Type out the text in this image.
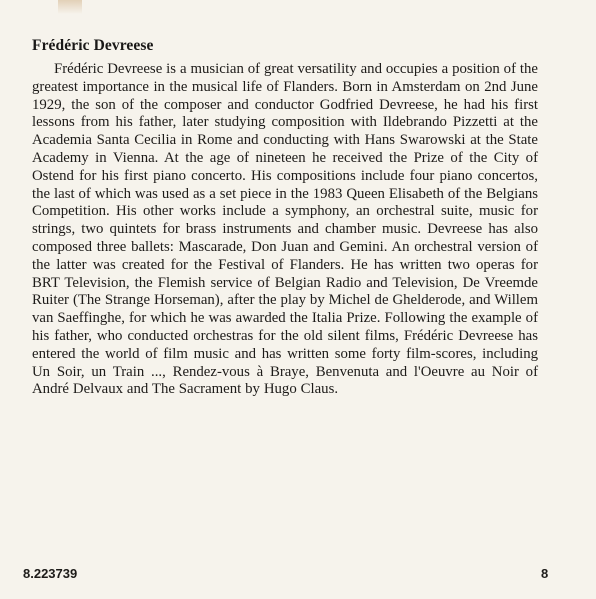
Frédéric Devreese

Frédéric Devreese is a musician of great versatility and occupies a position of the greatest importance in the musical life of Flanders. Born in Amsterdam on 2nd June 1929, the son of the composer and conductor Godfried Devreese, he had his first lessons from his father, later studying composition with Ildebrando Pizzetti at the Academia Santa Cecilia in Rome and conducting with Hans Swarowski at the State Academy in Vienna. At the age of nineteen he received the Prize of the City of Ostend for his first piano concerto. His compositions include four piano concertos, the last of which was used as a set piece in the 1983 Queen Elisabeth of the Belgians Competition. His other works include a symphony, an orchestral suite, music for strings, two quintets for brass instruments and chamber music. Devreese has also composed three ballets: Mascarade, Don Juan and Gemini. An orchestral version of the latter was created for the Festival of Flanders. He has written two operas for BRT Television, the Flemish service of Belgian Radio and Television, De Vreemde Ruiter (The Strange Horseman), after the play by Michel de Ghelderode, and Willem van Saeffinghe, for which he was awarded the Italia Prize. Following the example of his father, who conducted orchestras for the old silent films, Frédéric Devreese has entered the world of film music and has written some forty film-scores, including Un Soir, un Train ..., Rendez-vous à Braye, Benvenuta and l'Oeuvre au Noir of André Delvaux and The Sacrament by Hugo Claus.

8.223739	8
